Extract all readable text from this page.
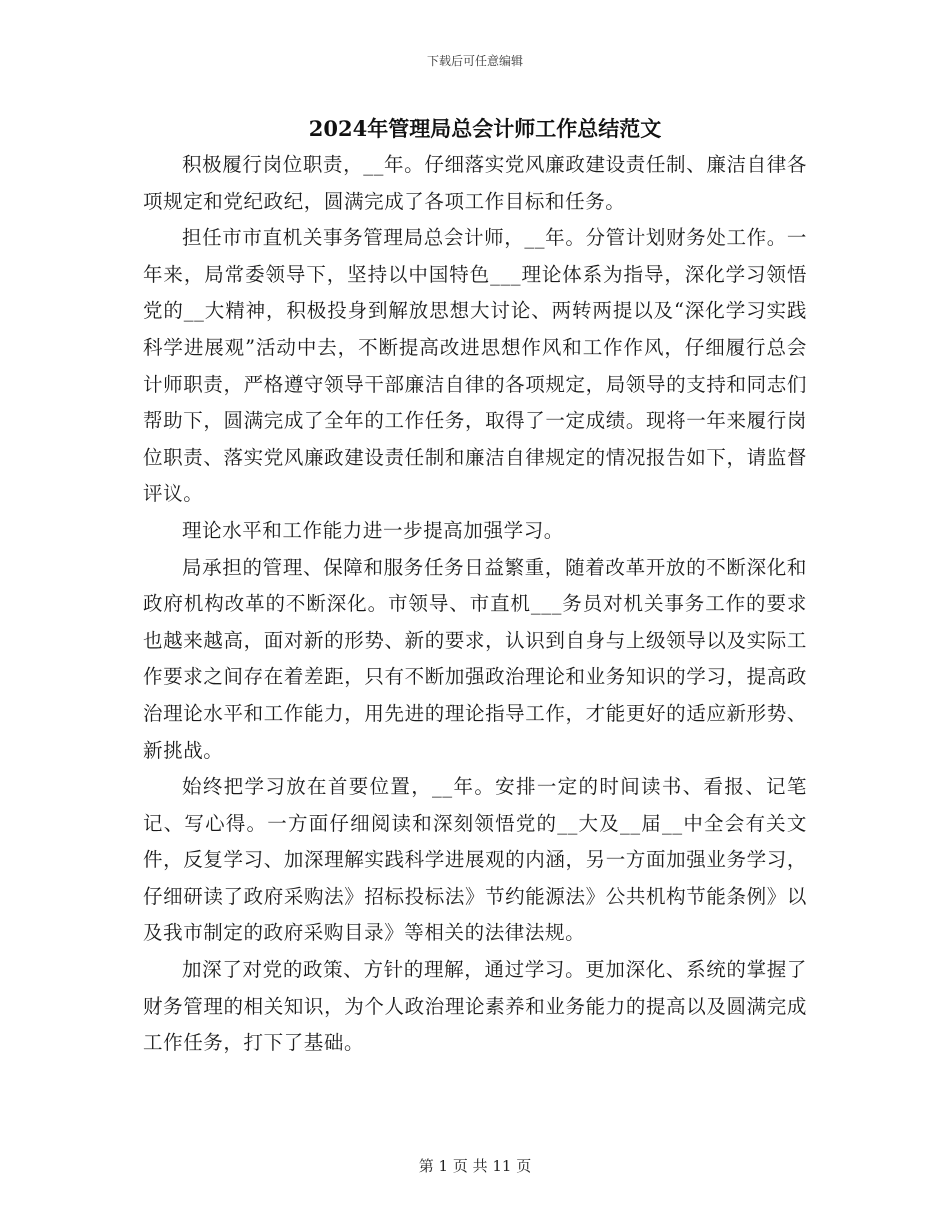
下载后可任意编辑
2024年管理局总会计师工作总结范文

积极履行岗位职责，__年。仔细落实党风廉政建设责任制、廉洁自律各项规定和党纪政纪，圆满完成了各项工作目标和任务。

担任市市直机关事务管理局总会计师，__年。分管计划财务处工作。一年来，局常委领导下，坚持以中国特色___理论体系为指导，深化学习领悟党的__大精神，积极投身到解放思想大讨论、两转两提以及“深化学习实践科学进展观”活动中去，不断提高改进思想作风和工作作风，仔细履行总会计师职责，严格遵守领导干部廉洁自律的各项规定，局领导的支持和同志们帮助下，圆满完成了全年的工作任务，取得了一定成绩。现将一年来履行岗位职责、落实党风廉政建设责任制和廉洁自律规定的情况报告如下，请监督评议。

理论水平和工作能力进一步提高加强学习。

局承担的管理、保障和服务任务日益繁重，随着改革开放的不断深化和政府机构改革的不断深化。市领导、市直机___务员对机关事务工作的要求也越来越高，面对新的形势、新的要求，认识到自身与上级领导以及实际工作要求之间存在着差距，只有不断加强政治理论和业务知识的学习，提高政治理论水平和工作能力，用先进的理论指导工作，才能更好的适应新形势、新挑战。

始终把学习放在首要位置，__年。安排一定的时间读书、看报、记笔记、写心得。一方面仔细阅读和深刻领悟党的__大及__届__中全会有关文件，反复学习、加深理解实践科学进展观的内涵，另一方面加强业务学习，仔细研读了政府采购法》招标投标法》节约能源法》公共机构节能条例》以及我市制定的政府采购目录》等相关的法律法规。

加深了对党的政策、方针的理解，通过学习。更加深化、系统的掌握了财务管理的相关知识，为个人政治理论素养和业务能力的提高以及圆满完成工作任务，打下了基础。

第 1 页 共 11 页
